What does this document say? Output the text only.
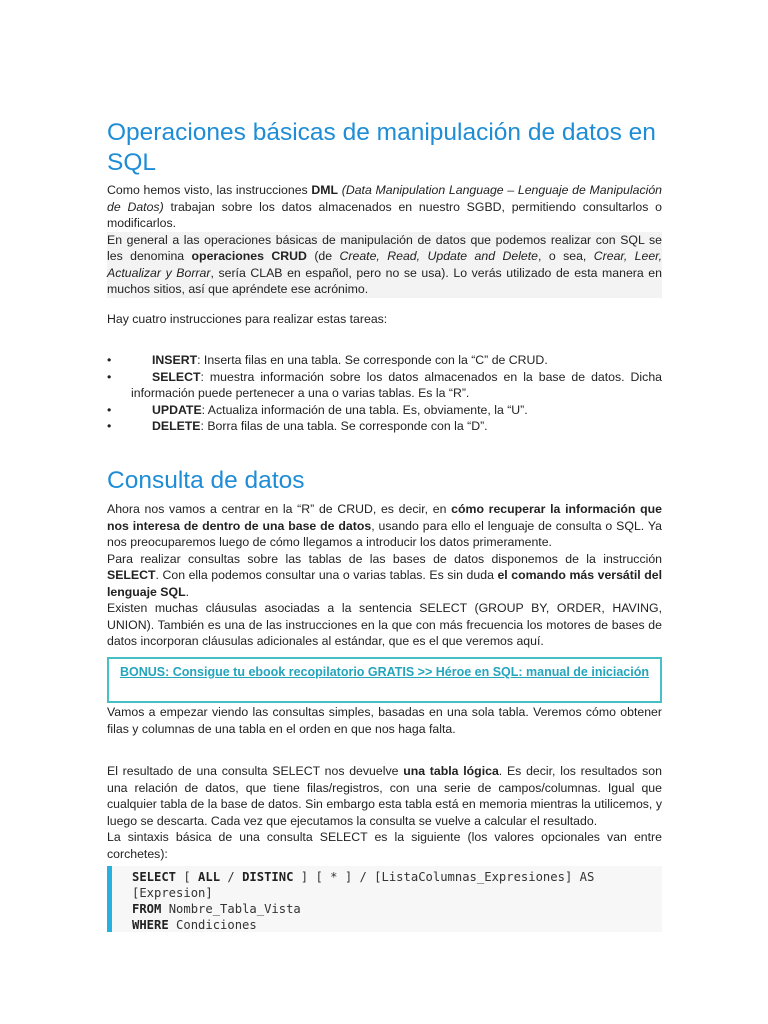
Operaciones básicas de manipulación de datos en SQL

Como hemos visto, las instrucciones DML (Data Manipulation Language – Lenguaje de Manipulación de Datos) trabajan sobre los datos almacenados en nuestro SGBD, permitiendo consultarlos o modificarlos.

En general a las operaciones básicas de manipulación de datos que podemos realizar con SQL se les denomina operaciones CRUD (de Create, Read, Update and Delete, o sea, Crear, Leer, Actualizar y Borrar, sería CLAB en español, pero no se usa). Lo verás utilizado de esta manera en muchos sitios, así que apréndete ese acrónimo.

Hay cuatro instrucciones para realizar estas tareas:

•	INSERT: Inserta filas en una tabla. Se corresponde con la “C” de CRUD.
•	SELECT: muestra información sobre los datos almacenados en la base de datos. Dicha información puede pertenecer a una o varias tablas. Es la “R”.
•	UPDATE: Actualiza información de una tabla. Es, obviamente, la “U”.
•	DELETE: Borra filas de una tabla. Se corresponde con la “D”.
Consulta de datos

Ahora nos vamos a centrar en la “R” de CRUD, es decir, en cómo recuperar la información que nos interesa de dentro de una base de datos, usando para ello el lenguaje de consulta o SQL. Ya nos preocuparemos luego de cómo llegamos a introducir los datos primeramente.

Para realizar consultas sobre las tablas de las bases de datos disponemos de la instrucción SELECT. Con ella podemos consultar una o varias tablas. Es sin duda el comando más versátil del lenguaje SQL.

Existen muchas cláusulas asociadas a la sentencia SELECT (GROUP BY, ORDER, HAVING, UNION). También es una de las instrucciones en la que con más frecuencia los motores de bases de datos incorporan cláusulas adicionales al estándar, que es el que veremos aquí.

BONUS: Consigue tu ebook recopilatorio GRATIS >> Héroe en SQL: manual de iniciación

Vamos a empezar viendo las consultas simples, basadas en una sola tabla. Veremos cómo obtener filas y columnas de una tabla en el orden en que nos haga falta.

El resultado de una consulta SELECT nos devuelve una tabla lógica. Es decir, los resultados son una relación de datos, que tiene filas/registros, con una serie de campos/columnas. Igual que cualquier tabla de la base de datos. Sin embargo esta tabla está en memoria mientras la utilicemos, y luego se descarta. Cada vez que ejecutamos la consulta se vuelve a calcular el resultado.

La sintaxis básica de una consulta SELECT es la siguiente (los valores opcionales van entre corchetes):

SELECT [ ALL / DISTINC ] [ * ] / [ListaColumnas_Expresiones] AS
[Expresion]
FROM Nombre_Tabla_Vista
WHERE Condiciones
